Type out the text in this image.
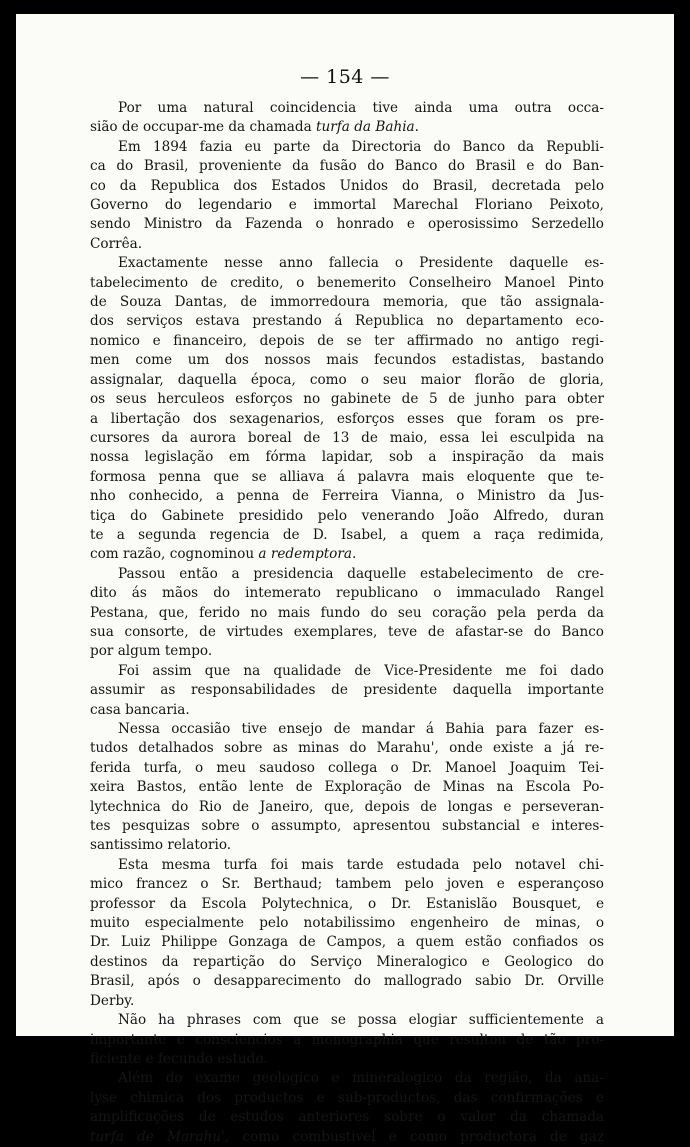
— 154 —
Por uma natural coincidencia tive ainda uma outra occa-
sião de occupar-me da chamada turfa da Bahia.
Em 1894 fazia eu parte da Directoria do Banco da Republi-
ca do Brasil, proveniente da fusão do Banco do Brasil e do Ban-
co da Republica dos Estados Unidos do Brasil, decretada pelo
Governo do legendario e immortal Marechal Floriano Peixoto,
sendo Ministro da Fazenda o honrado e operosissimo Serzedello
Corrêa.
Exactamente nesse anno fallecia o Presidente daquelle es-
tabelecimento de credito, o benemerito Conselheiro Manoel Pinto
de Souza Dantas, de immorredoura memoria, que tão assignala-
dos serviços estava prestando á Republica no departamento eco-
nomico e financeiro, depois de se ter affirmado no antigo regi-
men come um dos nossos mais fecundos estadistas, bastando
assignalar, daquella época, como o seu maior florão de gloria,
os seus herculeos esforços no gabinete de 5 de junho para obter
a libertação dos sexagenarios, esforços esses que foram os pre-
cursores da aurora boreal de 13 de maio, essa lei esculpida na
nossa legislação em fórma lapidar, sob a inspiração da mais
formosa penna que se alliava á palavra mais eloquente que te-
nho conhecido, a penna de Ferreira Vianna, o Ministro da Jus-
tiça do Gabinete presidido pelo venerando João Alfredo, duran
te a segunda regencia de D. Isabel, a quem a raça redimida,
com razão, cognominou a redemptora.
Passou então a presidencia daquelle estabelecimento de cre-
dito ás mãos do intemerato republicano o immaculado Rangel
Pestana, que, ferido no mais fundo do seu coração pela perda da
sua consorte, de virtudes exemplares, teve de afastar-se do Banco
por algum tempo.
Foi assim que na qualidade de Vice-Presidente me foi dado
assumir as responsabilidades de presidente daquella importante
casa bancaria.
Nessa occasião tive ensejo de mandar á Bahia para fazer es-
tudos detalhados sobre as minas do Marahu', onde existe a já re-
ferida turfa, o meu saudoso collega o Dr. Manoel Joaquim Tei-
xeira Bastos, então lente de Exploração de Minas na Escola Po-
lytechnica do Rio de Janeiro, que, depois de longas e perseveran-
tes pesquizas sobre o assumpto, apresentou substancial e interes-
santissimo relatorio.
Esta mesma turfa foi mais tarde estudada pelo notavel chi-
mico francez o Sr. Berthaud; tambem pelo joven e esperançoso
professor da Escola Polytechnica, o Dr. Estanislão Bousquet, e
muito especialmente pelo notabilissimo engenheiro de minas, o
Dr. Luiz Philippe Gonzaga de Campos, a quem estão confiados os
destinos da repartição do Serviço Mineralogico e Geologico do
Brasil, após o desapparecimento do mallogrado sabio Dr. Orville
Derby.
Não ha phrases com que se possa elogiar sufficientemente a
importante e consciencios a monographia que resultou de tão pro-
ficiente e fecundo estudo.
Além do exame geologico e mineralogico da região, da ana-
lyse chimica dos productos e sub-productos, das confirmações e
amplificações de estudos anteriores sobre o valor da chamada
turfa de Marahu', como combustivel e como productora de gaz
